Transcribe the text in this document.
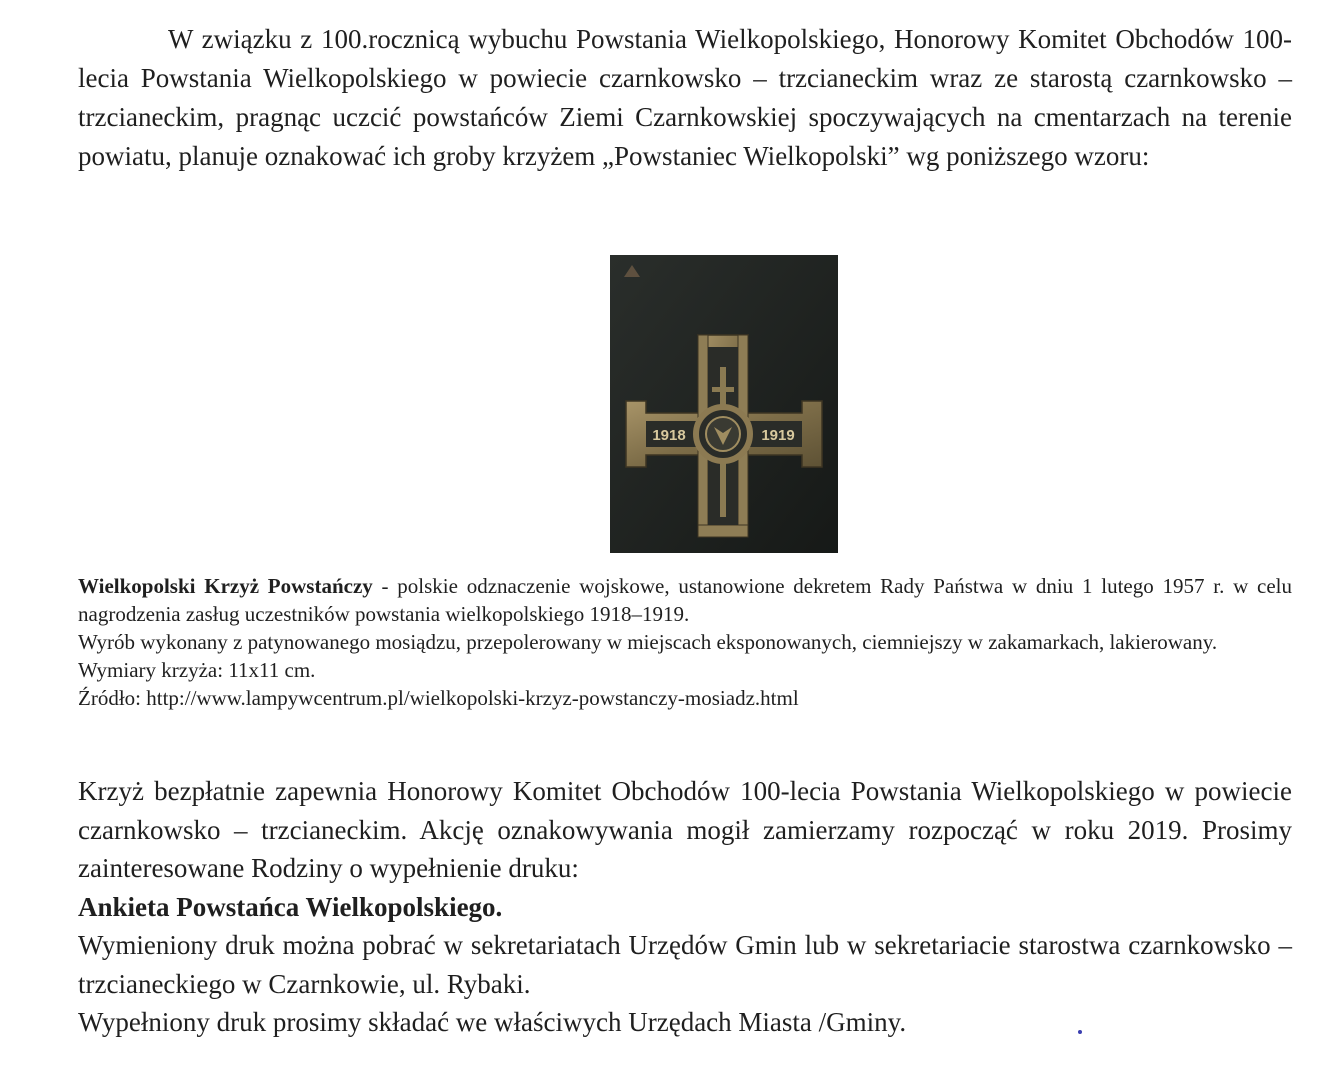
W związku z 100.rocznicą wybuchu Powstania Wielkopolskiego, Honorowy Komitet Obchodów 100-lecia Powstania Wielkopolskiego w powiecie czarnkowsko – trzcianeckim wraz ze starostą czarnkowsko – trzcianeckim, pragnąc uczcić powstańców Ziemi Czarnkowskiej spoczywających na cmentarzach na terenie powiatu, planuje oznakować ich groby krzyżem „Powstaniec Wielkopolski” wg poniższego wzoru:

1918	1919

Wielkopolski Krzyż Powstańczy - polskie odznaczenie wojskowe, ustanowione dekretem Rady Państwa w dniu 1 lutego 1957 r. w celu nagrodzenia zasług uczestników powstania wielkopolskiego 1918–1919.

Wyrób wykonany z patynowanego mosiądzu, przepolerowany w miejscach eksponowanych, ciemniejszy w zakamarkach, lakierowany.

Wymiary krzyża: 11x11 cm.

Źródło: http://www.lampywcentrum.pl/wielkopolski-krzyz-powstanczy-mosiadz.html

Krzyż bezpłatnie zapewnia Honorowy Komitet Obchodów 100-lecia Powstania Wielkopolskiego w powiecie czarnkowsko – trzcianeckim. Akcję oznakowywania mogił zamierzamy rozpocząć w roku 2019. Prosimy zainteresowane Rodziny o wypełnienie druku:

Ankieta Powstańca Wielkopolskiego.

Wymieniony druk można pobrać w sekretariatach Urzędów Gmin lub w sekretariacie starostwa czarnkowsko – trzcianeckiego w Czarnkowie, ul. Rybaki.

Wypełniony druk prosimy składać we właściwych Urzędach Miasta /Gminy.
